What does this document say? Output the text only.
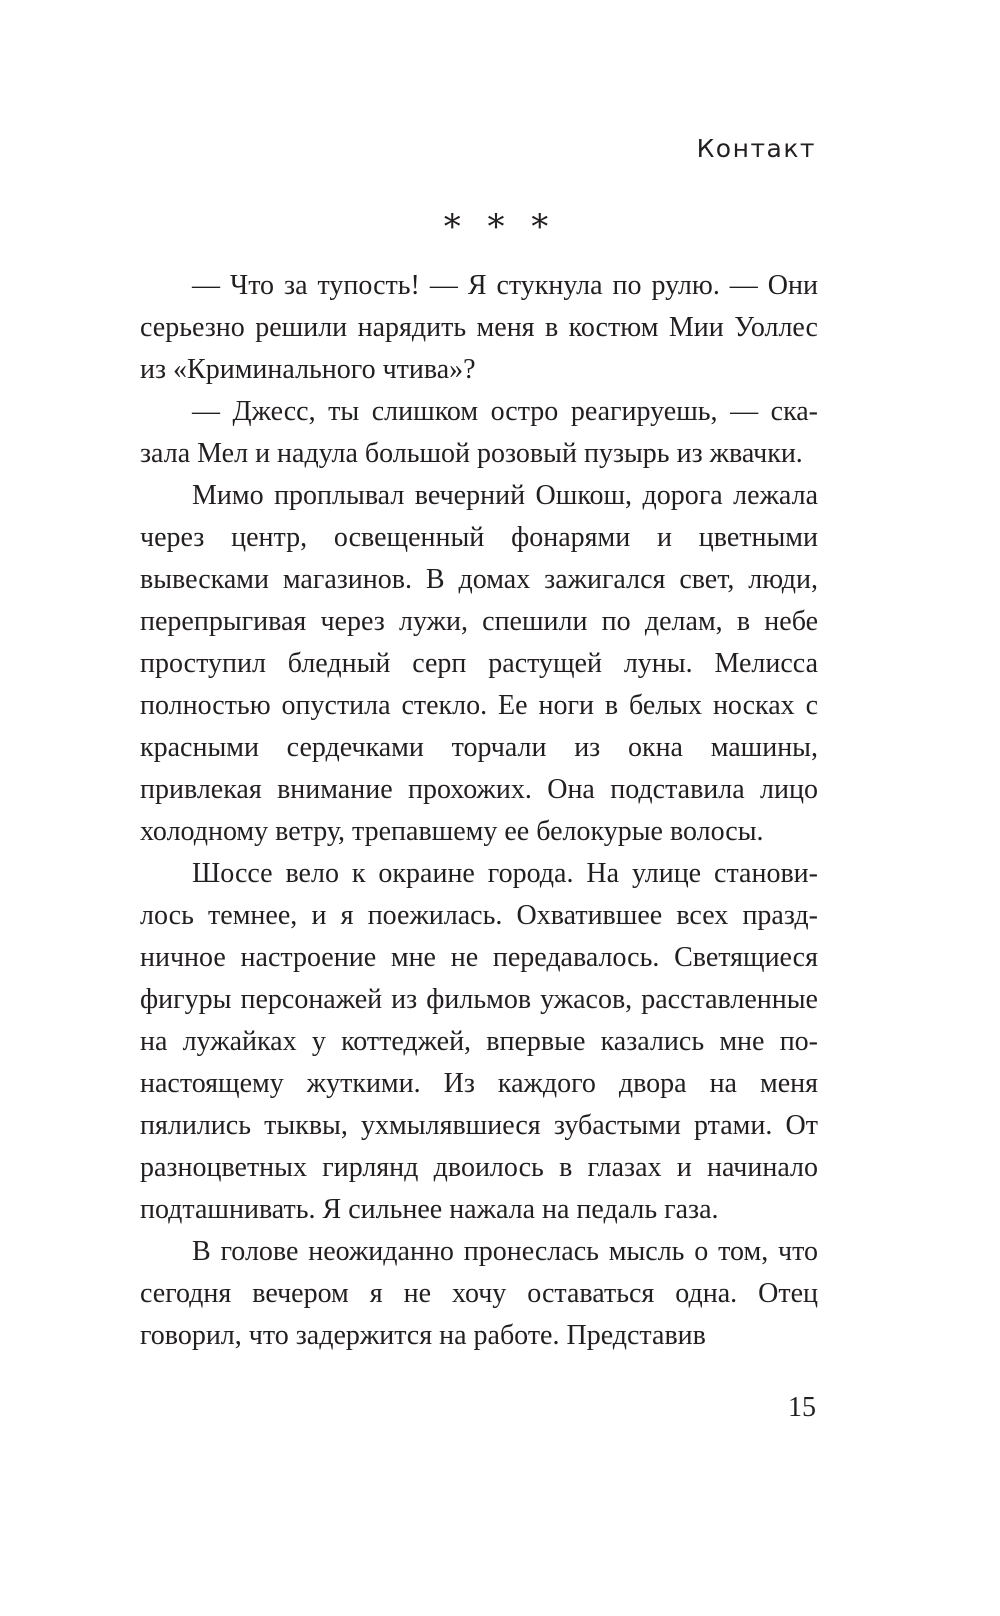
Контакт
* * *

— Что за тупость! — Я стукнула по рулю. — Они серьезно решили нарядить меня в костюм Мии Уоллес из «Криминального чтива»?

— Джесс, ты слишком остро реагируешь, — сказала Мел и надула большой розовый пузырь из жвачки.

Мимо проплывал вечерний Ошкош, дорога лежала через центр, освещенный фонарями и цветными вывесками магазинов. В домах зажигался свет, люди, перепрыгивая через лужи, спешили по делам, в небе проступил бледный серп растущей луны. Мелисса полностью опустила стекло. Ее ноги в белых носках с красными сердечками торчали из окна машины, привлекая внимание прохожих. Она подставила лицо холодному ветру, трепавшему ее белокурые волосы.

Шоссе вело к окраине города. На улице становилось темнее, и я поежилась. Охватившее всех праздничное настроение мне не передавалось. Светящиеся фигуры персонажей из фильмов ужасов, расставленные на лужайках у коттеджей, впервые казались мне по-настоящему жуткими. Из каждого двора на меня пялились тыквы, ухмылявшиеся зубастыми ртами. От разноцветных гирлянд двоилось в глазах и начинало подташнивать. Я сильнее нажала на педаль газа.

В голове неожиданно пронеслась мысль о том, что сегодня вечером я не хочу оставаться одна. Отец говорил, что задержится на работе. Представив

15
